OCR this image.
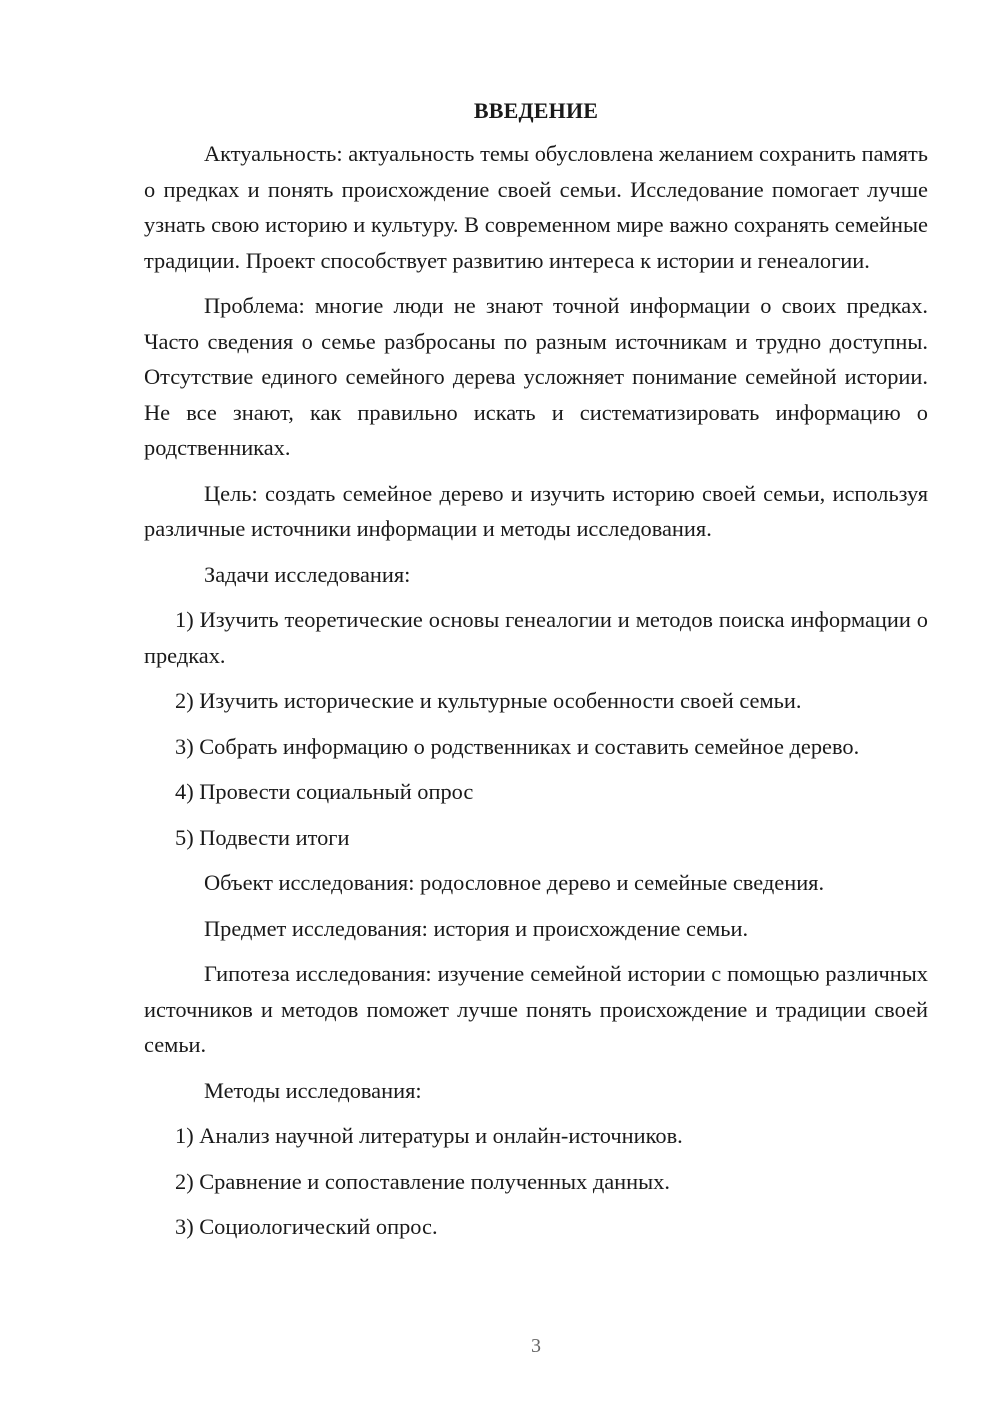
ВВЕДЕНИЕ

Актуальность: актуальность темы обусловлена желанием сохранить память о предках и понять происхождение своей семьи. Исследование помогает лучше узнать свою историю и культуру. В современном мире важно сохранять семейные традиции. Проект способствует развитию интереса к истории и генеалогии.

Проблема: многие люди не знают точной информации о своих предках. Часто сведения о семье разбросаны по разным источникам и трудно доступны. Отсутствие единого семейного дерева усложняет понимание семейной истории. Не все знают, как правильно искать и систематизировать информацию о родственниках.

Цель: создать семейное дерево и изучить историю своей семьи, используя различные источники информации и методы исследования.

Задачи исследования:

1) Изучить теоретические основы генеалогии и методов поиска информации о предках.

2) Изучить исторические и культурные особенности своей семьи.

3) Собрать информацию о родственниках и составить семейное дерево.

4) Провести социальный опрос

5) Подвести итоги

Объект исследования: родословное дерево и семейные сведения.

Предмет исследования: история и происхождение семьи.

Гипотеза исследования: изучение семейной истории с помощью различных источников и методов поможет лучше понять происхождение и традиции своей семьи.

Методы исследования:

1) Анализ научной литературы и онлайн-источников.

2) Сравнение и сопоставление полученных данных.

3) Социологический опрос.

3
